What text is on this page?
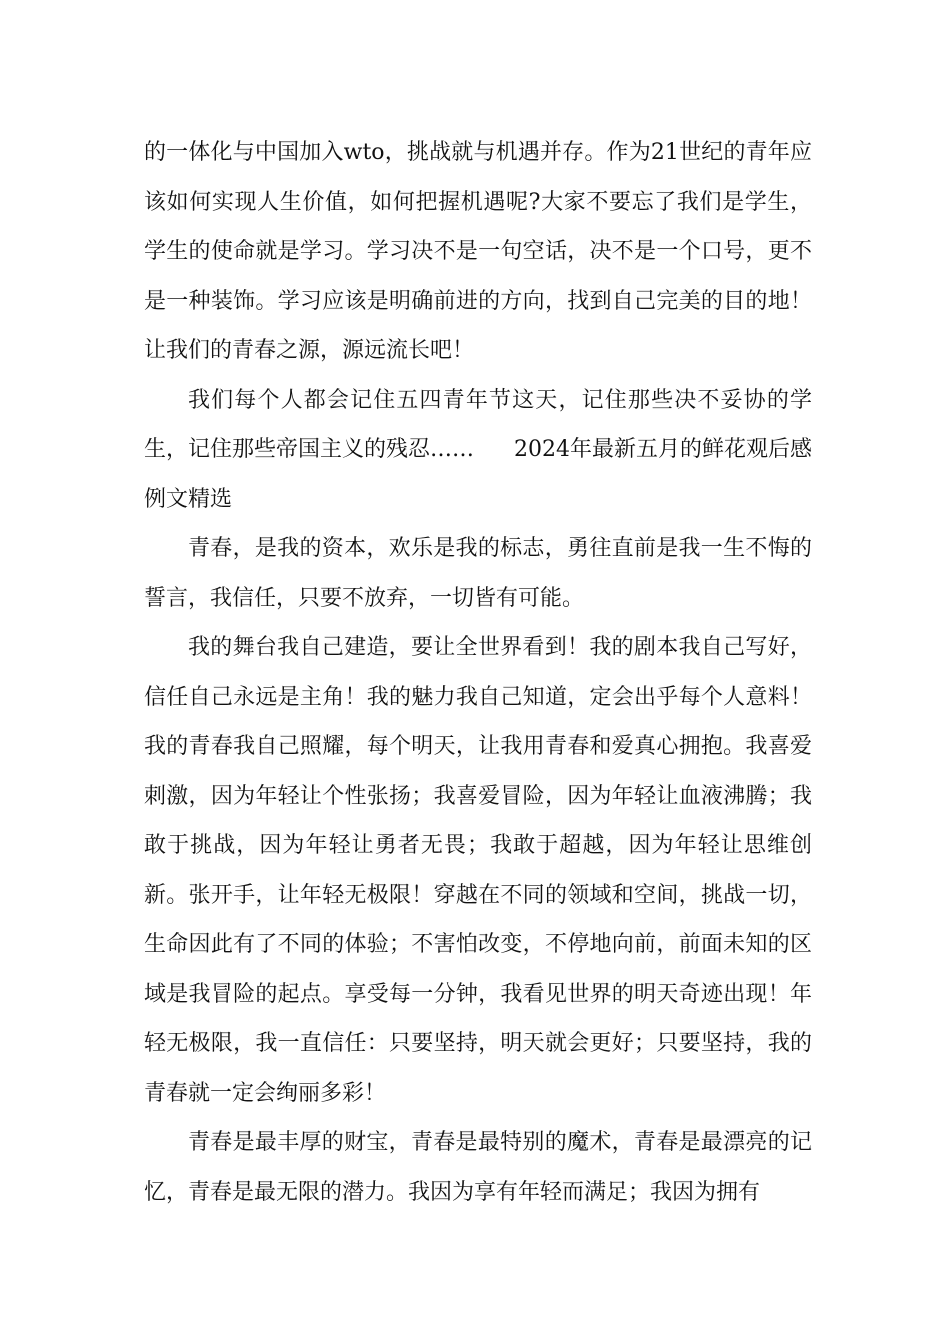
的一体化与中国加入wto，挑战就与机遇并存。作为21世纪的青年应该如何实现人生价值，如何把握机遇呢?大家不要忘了我们是学生，学生的使命就是学习。学习决不是一句空话，决不是一个口号，更不是一种装饰。学习应该是明确前进的方向，找到自己完美的目的地！让我们的青春之源，源远流长吧！

我们每个人都会记住五四青年节这天，记住那些决不妥协的学生，记住那些帝国主义的残忍…… 2024年最新五月的鲜花观后感例文精选

青春，是我的资本，欢乐是我的标志，勇往直前是我一生不悔的誓言，我信任，只要不放弃，一切皆有可能。

我的舞台我自己建造，要让全世界看到！我的剧本我自己写好，信任自己永远是主角！我的魅力我自己知道，定会出乎每个人意料！我的青春我自己照耀，每个明天，让我用青春和爱真心拥抱。我喜爱刺激，因为年轻让个性张扬；我喜爱冒险，因为年轻让血液沸腾；我敢于挑战，因为年轻让勇者无畏；我敢于超越，因为年轻让思维创新。张开手，让年轻无极限！穿越在不同的领域和空间，挑战一切，生命因此有了不同的体验；不害怕改变，不停地向前，前面未知的区域是我冒险的起点。享受每一分钟，我看见世界的明天奇迹出现！年轻无极限，我一直信任：只要坚持，明天就会更好；只要坚持，我的青春就一定会绚丽多彩！

青春是最丰厚的财宝，青春是最特别的魔术，青春是最漂亮的记忆，青春是最无限的潜力。我因为享有年轻而满足；我因为拥有
